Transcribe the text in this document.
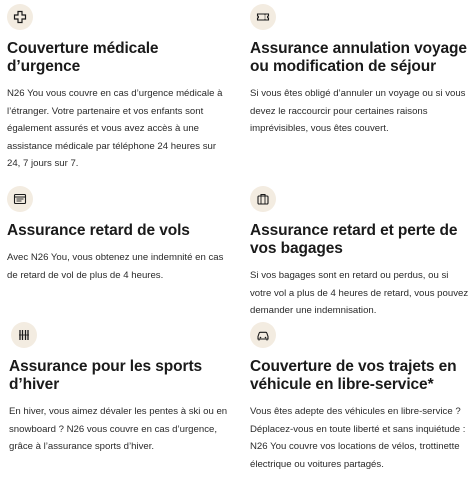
Couverture médicale d’urgence

N26 You vous couvre en cas d’urgence médicale à l’étranger. Votre partenaire et vos enfants sont également assurés et vous avez accès à une assistance médicale par téléphone 24 heures sur 24, 7 jours sur 7.

Assurance annulation voyage ou modification de séjour

Si vous êtes obligé d’annuler un voyage ou si vous devez le raccourcir pour certaines raisons imprévisibles, vous êtes couvert.

Assurance retard de vols

Avec N26 You, vous obtenez une indemnité en cas de retard de vol de plus de 4 heures.

Assurance retard et perte de vos bagages

Si vos bagages sont en retard ou perdus, ou si votre vol a plus de 4 heures de retard, vous pouvez demander une indemnisation.

Assurance pour les sports d’hiver

En hiver, vous aimez dévaler les pentes à ski ou en snowboard ? N26 vous couvre en cas d’urgence, grâce à l’assurance sports d’hiver.

Couverture de vos trajets en véhicule en libre-service*

Vous êtes adepte des véhicules en libre-service ? Déplacez-vous en toute liberté et sans inquiétude : N26 You couvre vos locations de vélos, trottinette électrique ou voitures partagés.
